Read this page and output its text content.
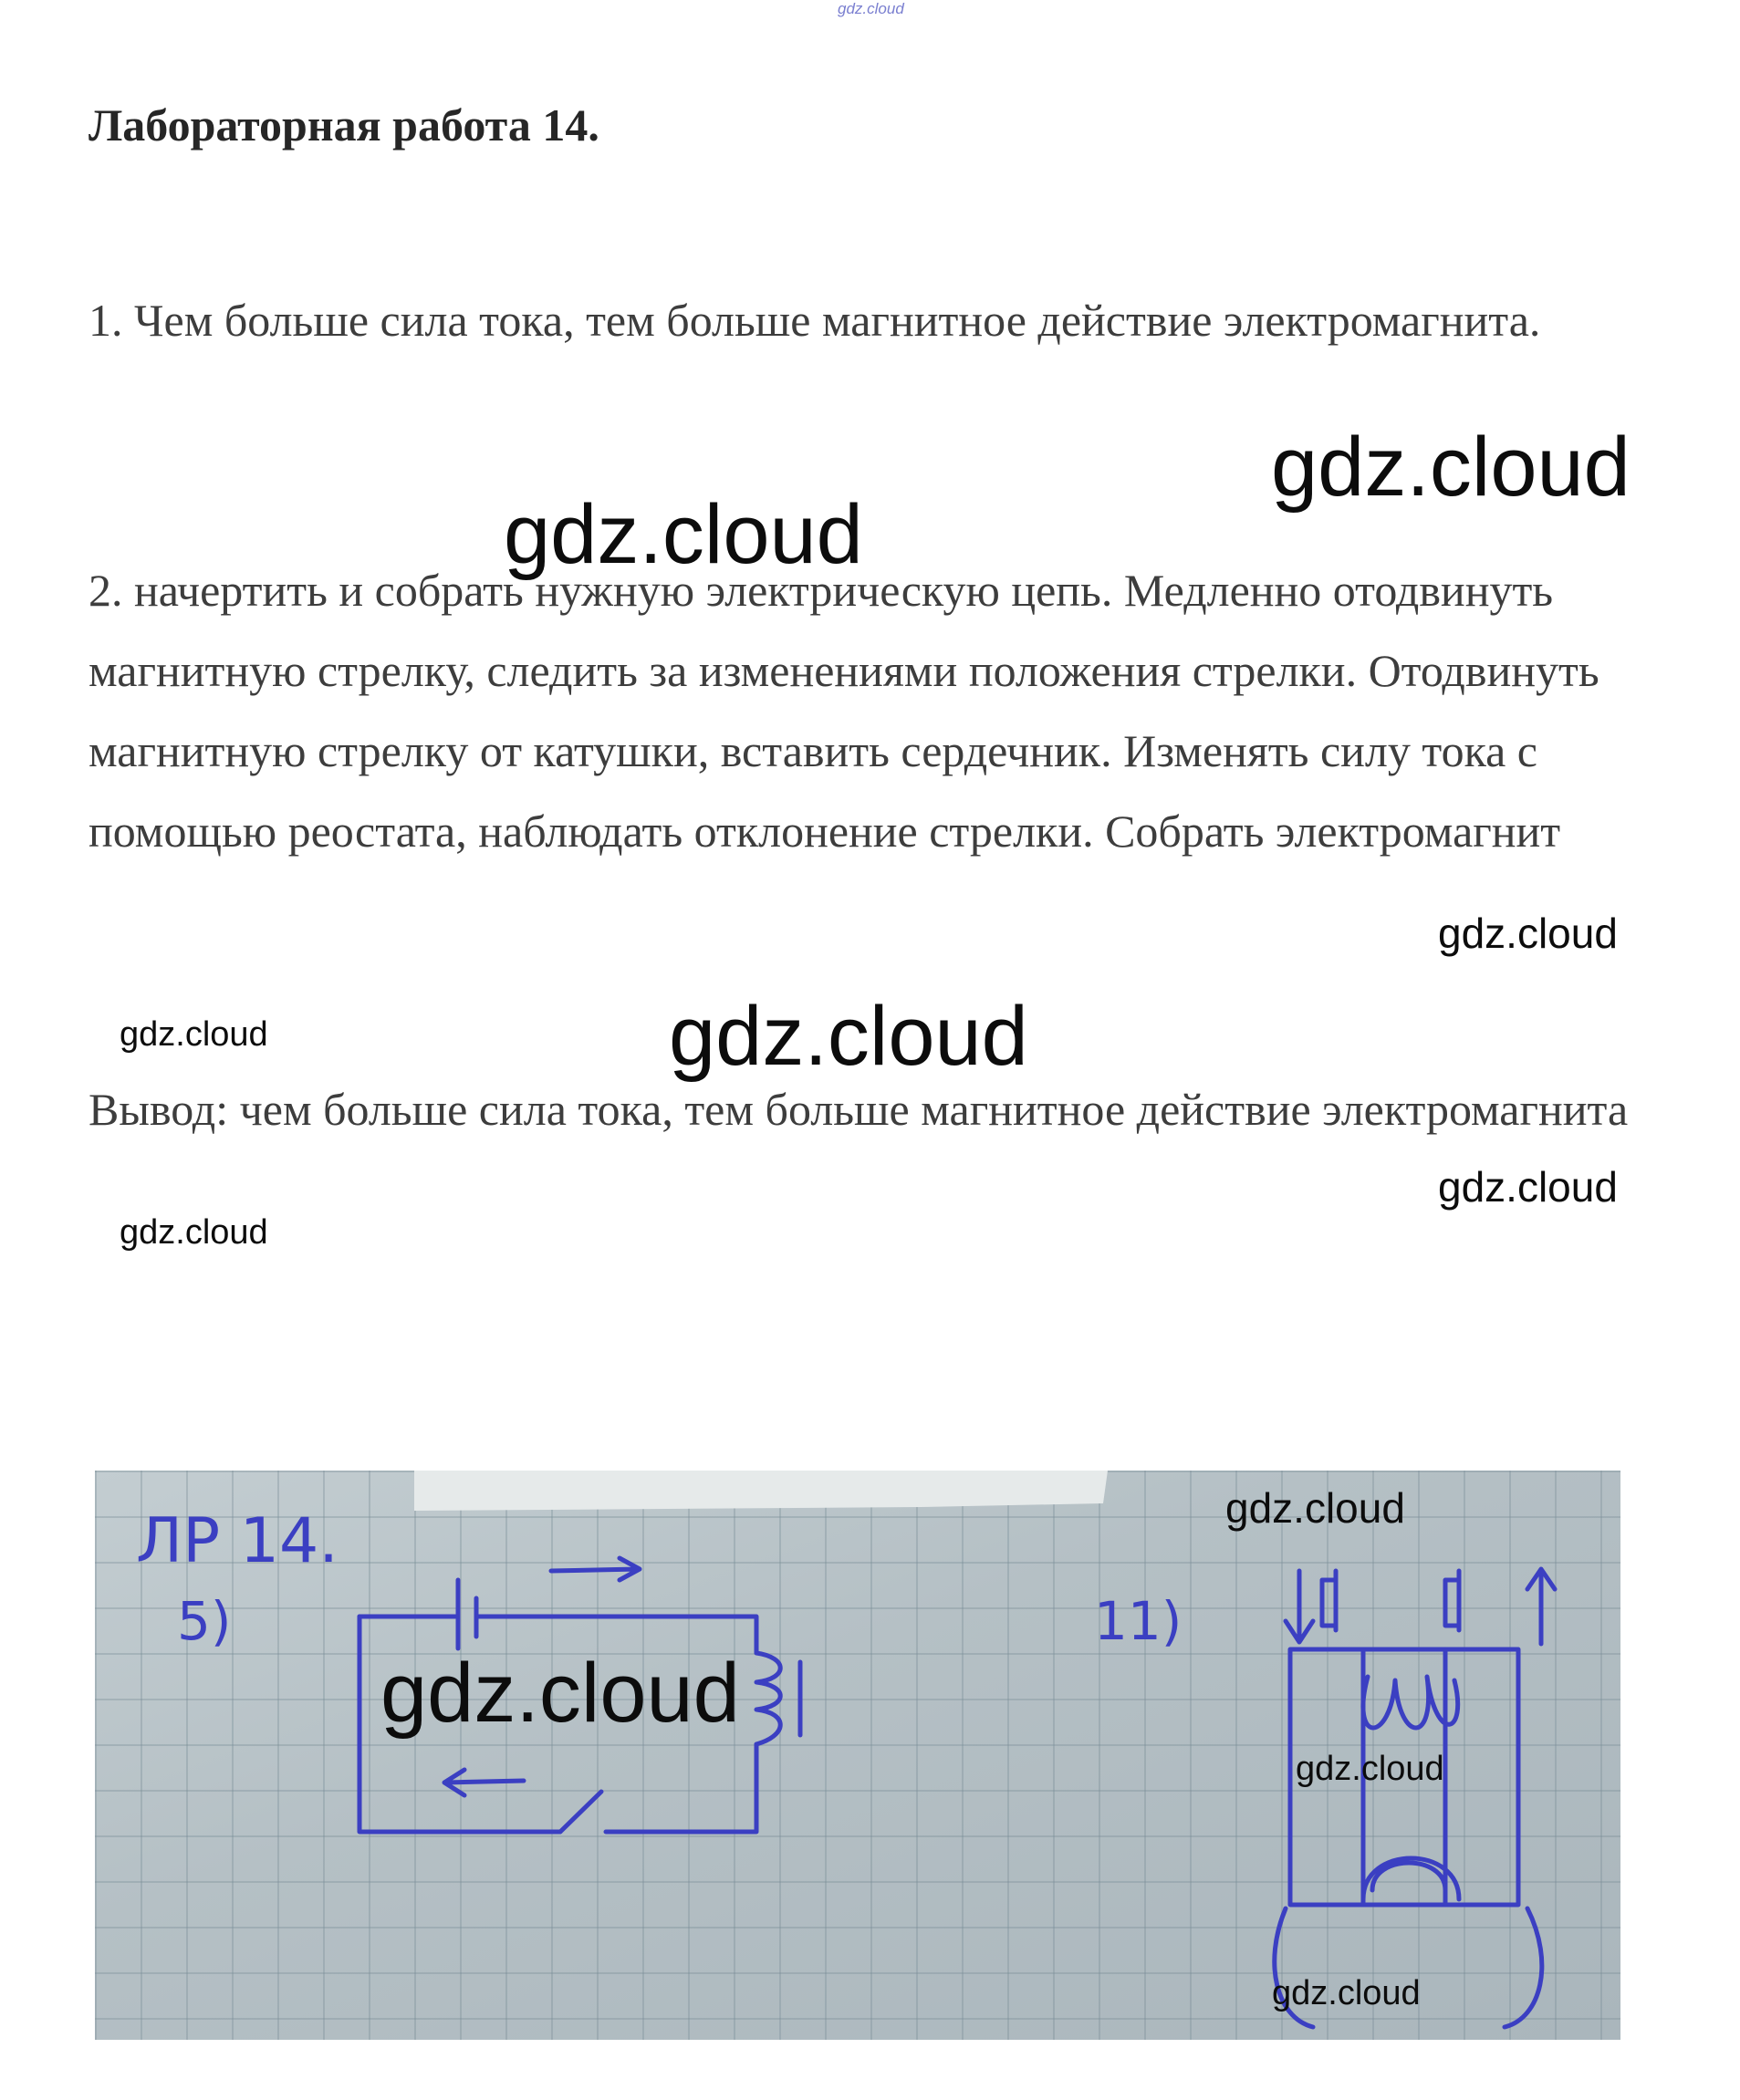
gdz.cloud
Лабораторная работа 14.

1. Чем больше сила тока, тем больше магнитное действие электромагнита.

2. начертить и собрать нужную электрическую цепь. Медленно отодвинуть магнитную стрелку, следить за изменениями положения стрелки. Отодвинуть магнитную стрелку от катушки, вставить сердечник. Изменять силу тока с помощью реостата, наблюдать отклонение стрелки. Собрать электромагнит

Вывод: чем больше сила тока, тем больше магнитное действие электромагнита

gdz.cloud
gdz.cloud
gdz.cloud
gdz.cloud	gdz.cloud
gdz.cloud
gdz.cloud
ЛР 14.
5)	11)
gdz.cloud
gdz.cloud
gdz.cloud
gdz.cloud
